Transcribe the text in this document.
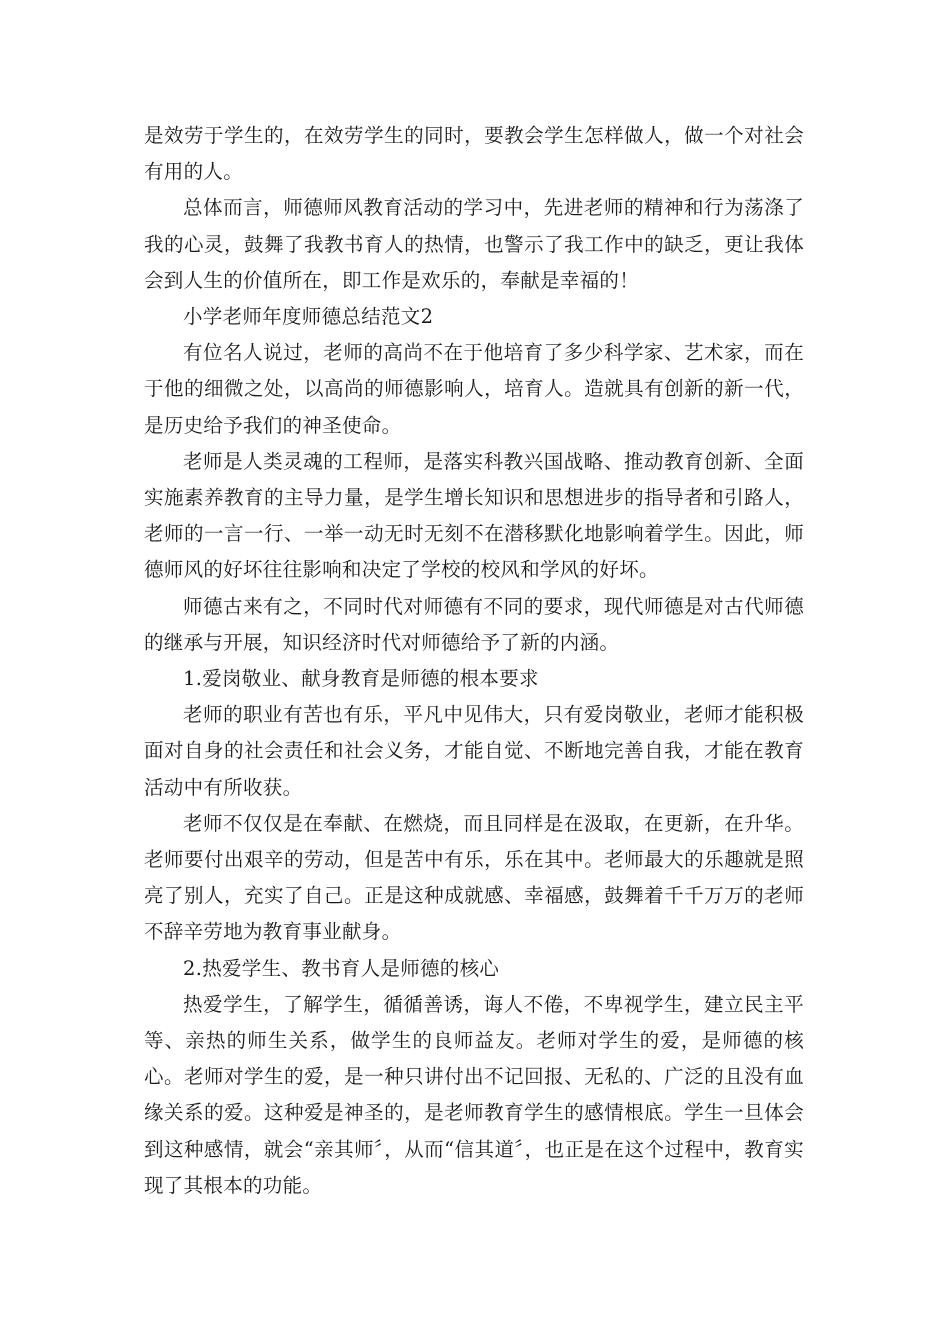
是效劳于学生的，在效劳学生的同时，要教会学生怎样做人，做一个对社会有用的人。

总体而言，师德师风教育活动的学习中，先进老师的精神和行为荡涤了我的心灵，鼓舞了我教书育人的热情，也警示了我工作中的缺乏，更让我体会到人生的价值所在，即工作是欢乐的，奉献是幸福的！

小学老师年度师德总结范文2

有位名人说过，老师的高尚不在于他培育了多少科学家、艺术家，而在于他的细微之处，以高尚的师德影响人，培育人。造就具有创新的新一代，是历史给予我们的神圣使命。

老师是人类灵魂的工程师，是落实科教兴国战略、推动教育创新、全面实施素养教育的主导力量，是学生增长知识和思想进步的指导者和引路人，老师的一言一行、一举一动无时无刻不在潜移默化地影响着学生。因此，师德师风的好坏往往影响和决定了学校的校风和学风的好坏。

师德古来有之，不同时代对师德有不同的要求，现代师德是对古代师德的继承与开展，知识经济时代对师德给予了新的内涵。

1.爱岗敬业、献身教育是师德的根本要求

老师的职业有苦也有乐，平凡中见伟大，只有爱岗敬业，老师才能积极面对自身的社会责任和社会义务，才能自觉、不断地完善自我，才能在教育活动中有所收获。

老师不仅仅是在奉献、在燃烧，而且同样是在汲取，在更新，在升华。老师要付出艰辛的劳动，但是苦中有乐，乐在其中。老师最大的乐趣就是照亮了别人，充实了自己。正是这种成就感、幸福感，鼓舞着千千万万的老师不辞辛劳地为教育事业献身。

2.热爱学生、教书育人是师德的核心

热爱学生，了解学生，循循善诱，诲人不倦，不卑视学生，建立民主平等、亲热的师生关系，做学生的良师益友。老师对学生的爱，是师德的核心。老师对学生的爱，是一种只讲付出不记回报、无私的、广泛的且没有血缘关系的爱。这种爱是神圣的，是老师教育学生的感情根底。学生一旦体会到这种感情，就会“亲其师〞，从而“信其道〞，也正是在这个过程中，教育实现了其根本的功能。
